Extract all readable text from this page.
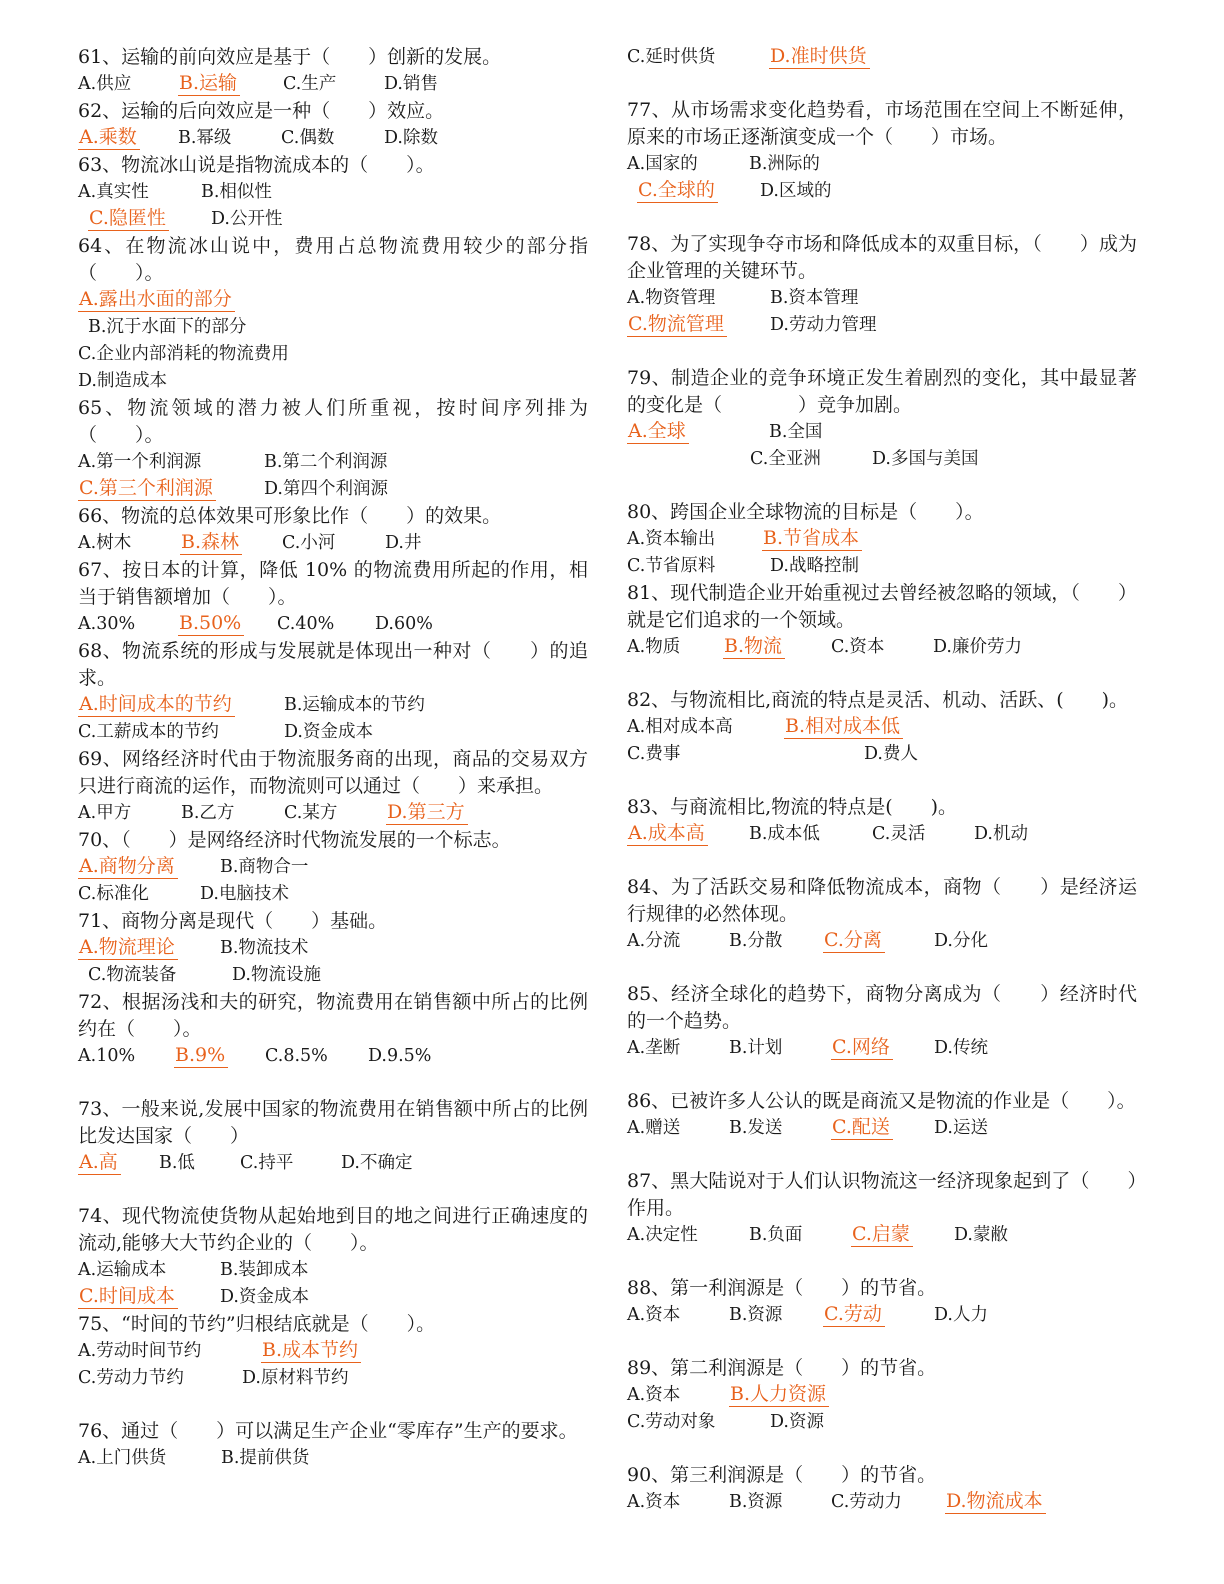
61、运输的前向效应是基于（　　）创新的发展。
A.供应	B.运输	C.生产	D.销售
62、运输的后向效应是一种（　　）效应。
A.乘数 B.幂级	C.偶数	D.除数
63、物流冰山说是指物流成本的（　　）。
A.真实性	B.相似性
C.隐匿性	D.公开性
64、在物流冰山说中，费用占总物流费用较少的部分指（　　）。
A.露出水面的部分
B.沉于水面下的部分
C.企业内部消耗的物流费用
D.制造成本
65、物流领域的潜力被人们所重视，按时间序列排为（　　）。
A.第一个利润源	B.第二个利润源
C.第三个利润源	D.第四个利润源
66、物流的总体效果可形象比作（　　）的效果。
A.树木	B.森林 C.小河	D.井
67、按日本的计算，降低 10% 的物流费用所起的作用，相当于销售额增加（　　）。
A.30% B.50% C.40% D.60%
68、物流系统的形成与发展就是体现出一种对（　　）的追求。
A.时间成本的节约	B.运输成本的节约
C.工薪成本的节约	D.资金成本
69、网络经济时代由于物流服务商的出现，商品的交易双方只进行商流的运作，而物流则可以通过（　　）来承担。
A.甲方	B.乙方	C.某方	D.第三方
70、（　　）是网络经济时代物流发展的一个标志。
A.商物分离	B.商物合一
C.标准化	D.电脑技术
71、商物分离是现代（　　）基础。
A.物流理论	B.物流技术
C.物流装备	D.物流设施
72、根据汤浅和夫的研究，物流费用在销售额中所占的比例约在（　　）。
A.10% B.9% C.8.5% D.9.5%
73、一般来说,发展中国家的物流费用在销售额中所占的比例比发达国家（　　）
A.高 B.低	C.持平	D.不确定
74、现代物流使货物从起始地到目的地之间进行正确速度的流动,能够大大节约企业的（　　）。
A.运输成本	B.装卸成本
C.时间成本	D.资金成本
75、“时间的节约”归根结底就是（　　）。
A.劳动时间节约	B.成本节约
C.劳动力节约	D.原材料节约
76、通过（　　）可以满足生产企业“零库存”生产的要求。
A.上门供货	B.提前供货
C.延时供货	D.准时供货
77、从市场需求变化趋势看，市场范围在空间上不断延伸，原来的市场正逐渐演变成一个（　　）市场。
A.国家的	B.洲际的
C.全球的	D.区域的
78、为了实现争夺市场和降低成本的双重目标，（　　）成为企业管理的关键环节。
A.物资管理	B.资本管理
C.物流管理	D.劳动力管理
79、制造企业的竞争环境正发生着剧烈的变化，其中最显著的变化是（　　　　）竞争加剧。
A.全球	B.全国
C.全亚洲	D.多国与美国
80、跨国企业全球物流的目标是（　　）。
A.资本输出	B.节省成本
C.节省原料	D.战略控制
81、现代制造企业开始重视过去曾经被忽略的领域，（　　）就是它们追求的一个领域。
A.物质 B.物流	C.资本	D.廉价劳力
82、与物流相比,商流的特点是灵活、机动、活跃、(　　)。
A.相对成本高	B.相对成本低
C.费事	D.费人
83、与商流相比,物流的特点是(　　)。
A.成本高	B.成本低	C.灵活	D.机动
84、为了活跃交易和降低物流成本，商物（　　）是经济运行规律的必然体现。
A.分流	B.分散 C.分离	D.分化
85、经济全球化的趋势下，商物分离成为（　　）经济时代的一个趋势。
A.垄断	B.计划	C.网络	D.传统
86、已被许多人公认的既是商流又是物流的作业是（　　）。
A.赠送	B.发送	C.配送	D.运送
87、黑大陆说对于人们认识物流这一经济现象起到了（　　）作用。
A.决定性	B.负面	C.启蒙	D.蒙敝
88、第一利润源是（　　）的节省。
A.资本	B.资源 C.劳动	D.人力
89、第二利润源是（　　）的节省。
A.资本	B.人力资源
C.劳动对象	D.资源
90、第三利润源是（　　）的节省。
A.资本	B.资源	C.劳动力 D.物流成本
